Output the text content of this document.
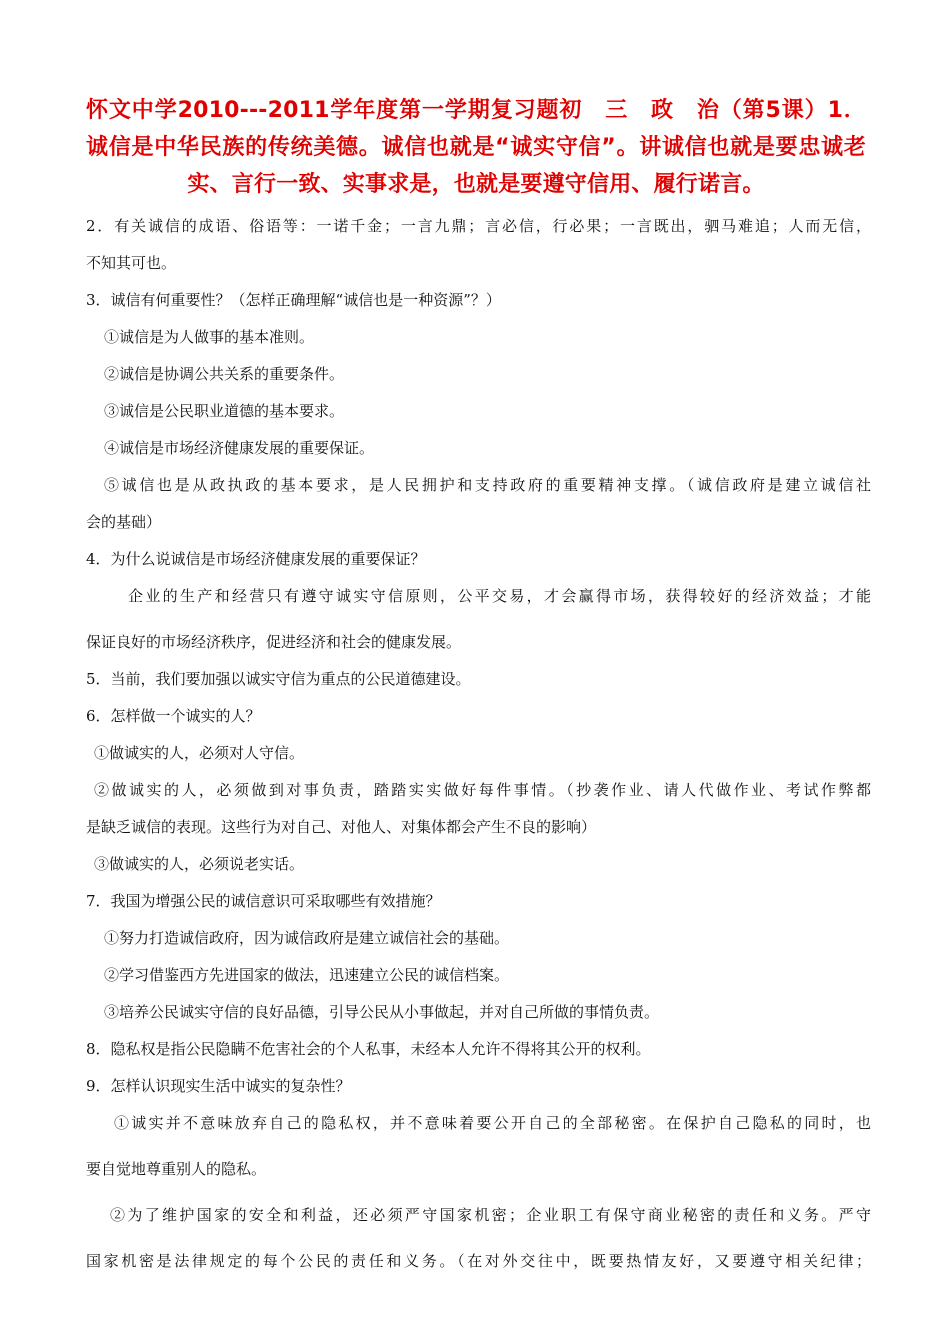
怀文中学2010---2011学年度第一学期复习题初　三　政　治（第5课）1．诚信是中华民族的传统美德。诚信也就是“诚实守信”。讲诚信也就是要忠诚老实、言行一致、实事求是，也就是要遵守信用、履行诺言。
2．有关诚信的成语、俗语等：一诺千金；一言九鼎；言必信，行必果；一言既出，驷马难追；人而无信，
不知其可也。
3．诚信有何重要性？（怎样正确理解“诚信也是一种资源”？）
①诚信是为人做事的基本准则。
②诚信是协调公共关系的重要条件。
③诚信是公民职业道德的基本要求。
④诚信是市场经济健康发展的重要保证。
⑤诚信也是从政执政的基本要求，是人民拥护和支持政府的重要精神支撑。（诚信政府是建立诚信社
会的基础）
4．为什么说诚信是市场经济健康发展的重要保证？
企业的生产和经营只有遵守诚实守信原则，公平交易，才会赢得市场，获得较好的经济效益；才能
保证良好的市场经济秩序，促进经济和社会的健康发展。
5．当前，我们要加强以诚实守信为重点的公民道德建设。
6．怎样做一个诚实的人？
①做诚实的人，必须对人守信。
②做诚实的人，必须做到对事负责，踏踏实实做好每件事情。（抄袭作业、请人代做作业、考试作弊都
是缺乏诚信的表现。这些行为对自己、对他人、对集体都会产生不良的影响）
③做诚实的人，必须说老实话。
7．我国为增强公民的诚信意识可采取哪些有效措施？
①努力打造诚信政府，因为诚信政府是建立诚信社会的基础。
②学习借鉴西方先进国家的做法，迅速建立公民的诚信档案。
③培养公民诚实守信的良好品德，引导公民从小事做起，并对自己所做的事情负责。
8．隐私权是指公民隐瞒不危害社会的个人私事，未经本人允许不得将其公开的权利。
9．怎样认识现实生活中诚实的复杂性？
①诚实并不意味放弃自己的隐私权，并不意味着要公开自己的全部秘密。在保护自己隐私的同时，也
要自觉地尊重别人的隐私。
②为了维护国家的安全和利益，还必须严守国家机密；企业职工有保守商业秘密的责任和义务。严守
国家机密是法律规定的每个公民的责任和义务。（在对外交往中，既要热情友好，又要遵守相关纪律；
